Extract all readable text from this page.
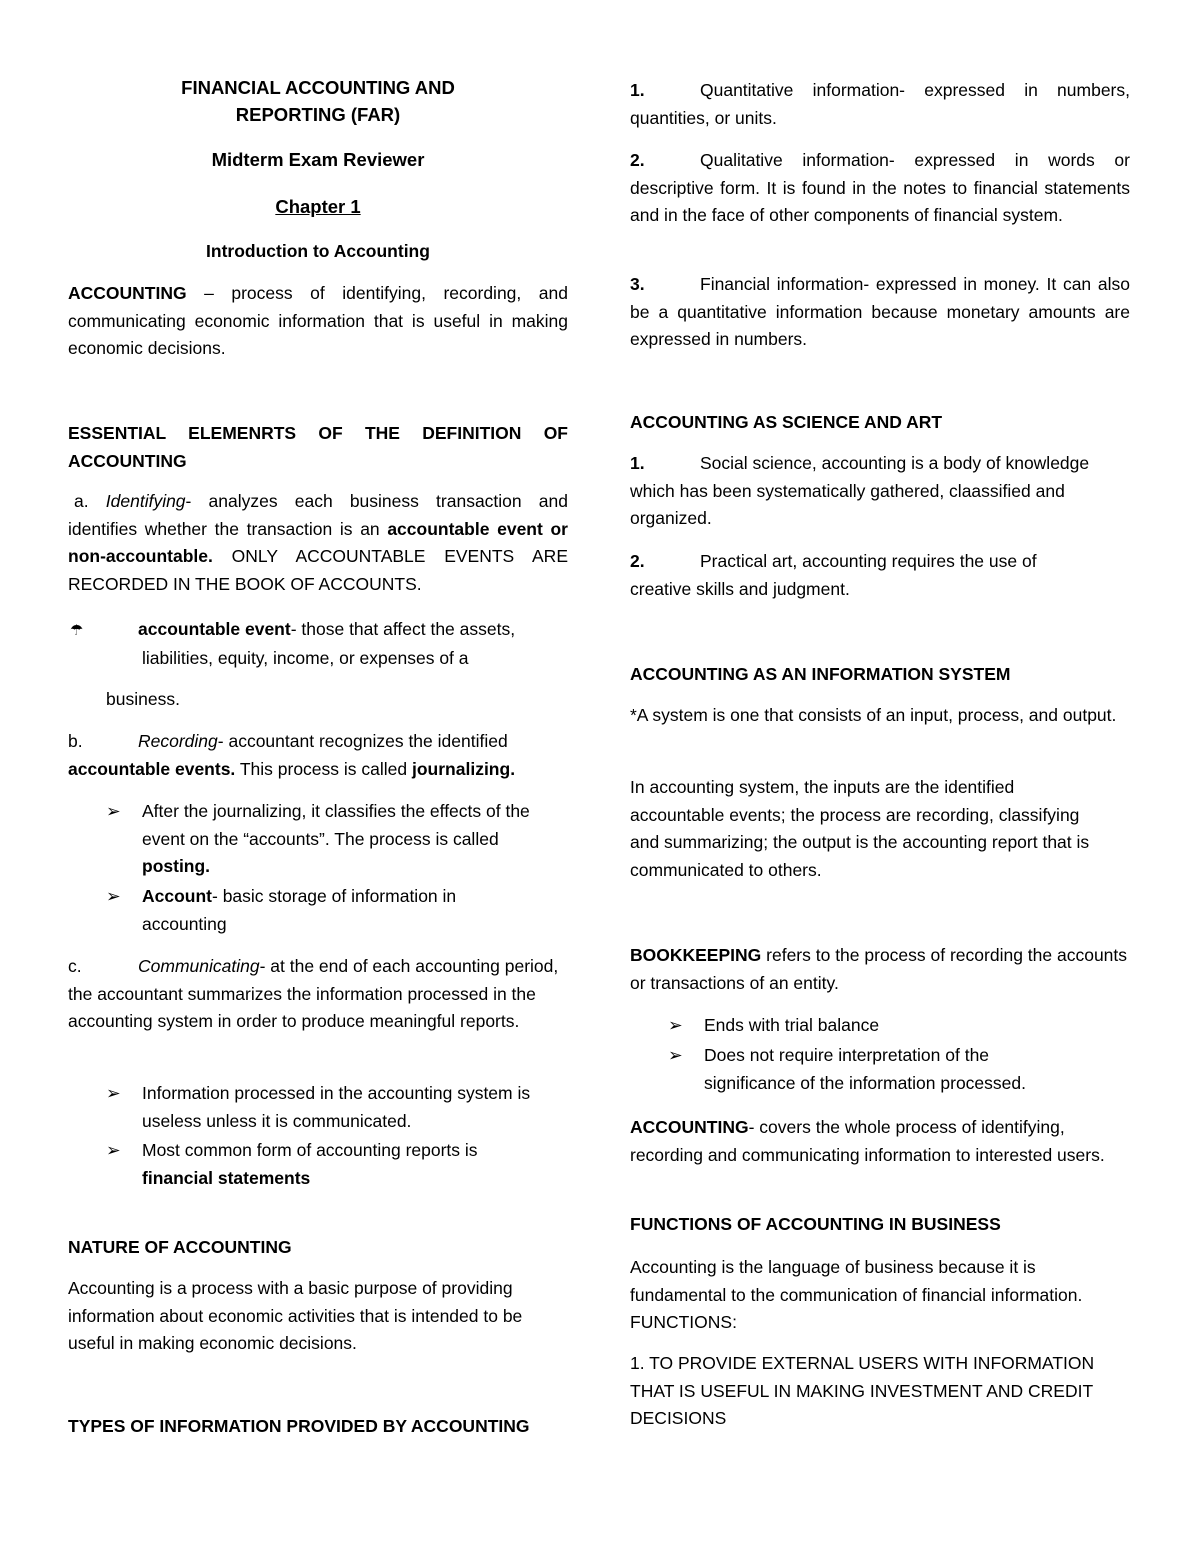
FINANCIAL ACCOUNTING AND
REPORTING (FAR)
Midterm Exam Reviewer
Chapter 1
Introduction to Accounting

ACCOUNTING – process of identifying, recording, and communicating economic information that is useful in making economic decisions.

ESSENTIAL ELEMENRTS OF THE DEFINITION OF ACCOUNTING

a. Identifying- analyzes each business transaction and identifies whether the transaction is an accountable event or non-accountable. ONLY ACCOUNTABLE EVENTS ARE RECORDED IN THE BOOK OF ACCOUNTS.

☂	accountable event- those that affect the assets, liabilities, equity, income, or expenses of a

business.

b.	Recording- accountant recognizes the identified accountable events. This process is called journalizing.

➢ After the journalizing, it classifies the effects of the event on the “accounts”. The process is called posting.

➢ Account- basic storage of information in accounting

c.	Communicating- at the end of each accounting period, the accountant summarizes the information processed in the accounting system in order to produce meaningful reports.

➢ Information processed in the accounting system is useless unless it is communicated.

➢ Most common form of accounting reports is financial statements

NATURE OF ACCOUNTING

Accounting is a process with a basic purpose of providing information about economic activities that is intended to be useful in making economic decisions.

TYPES OF INFORMATION PROVIDED BY ACCOUNTING

1.	Quantitative information- expressed in numbers, quantities, or units.

2.	Qualitative information- expressed in words or descriptive form. It is found in the notes to financial statements and in the face of other components of financial system.

3.	Financial information- expressed in money. It can also be a quantitative information because monetary amounts are expressed in numbers.

ACCOUNTING AS SCIENCE AND ART

1.	Social science, accounting is a body of knowledge which has been systematically gathered, claassified and organized.

2.	Practical art, accounting requires the use of creative skills and judgment.

ACCOUNTING AS AN INFORMATION SYSTEM

*A system is one that consists of an input, process, and output.

In accounting system, the inputs are the identified accountable events; the process are recording, classifying and summarizing; the output is the accounting report that is communicated to others.

BOOKKEEPING refers to the process of recording the accounts or transactions of an entity.

➢ Ends with trial balance

➢ Does not require interpretation of the significance of the information processed.

ACCOUNTING- covers the whole process of identifying, recording and communicating information to interested users.

FUNCTIONS OF ACCOUNTING IN BUSINESS

Accounting is the language of business because it is fundamental to the communication of financial information. FUNCTIONS:

1. TO PROVIDE EXTERNAL USERS WITH INFORMATION THAT IS USEFUL IN MAKING INVESTMENT AND CREDIT DECISIONS
